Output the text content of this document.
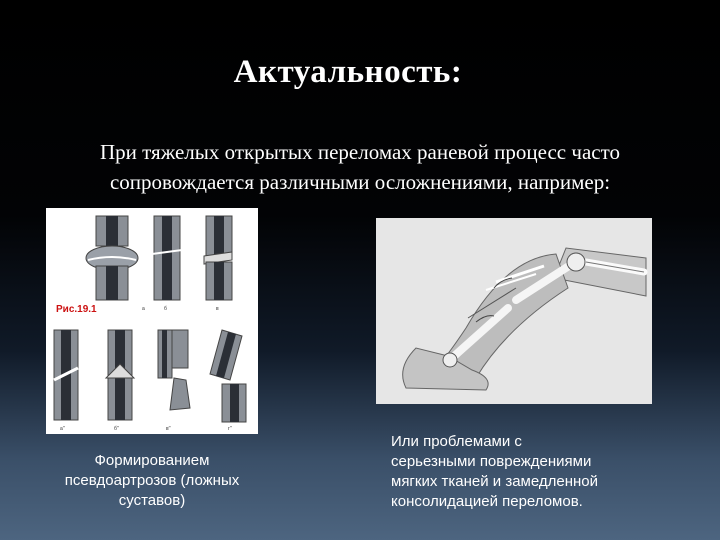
Актуальность:
При тяжелых открытых переломах раневой процесс часто
сопровождается различными осложнениями, например:
Рис.19.1	а	б	в
а''	б''	в''	г''
Формированием
псевдоартрозов (ложных
суставов)
Или проблемами с
серьезными повреждениями
мягких тканей и замедленной
консолидацией переломов.
